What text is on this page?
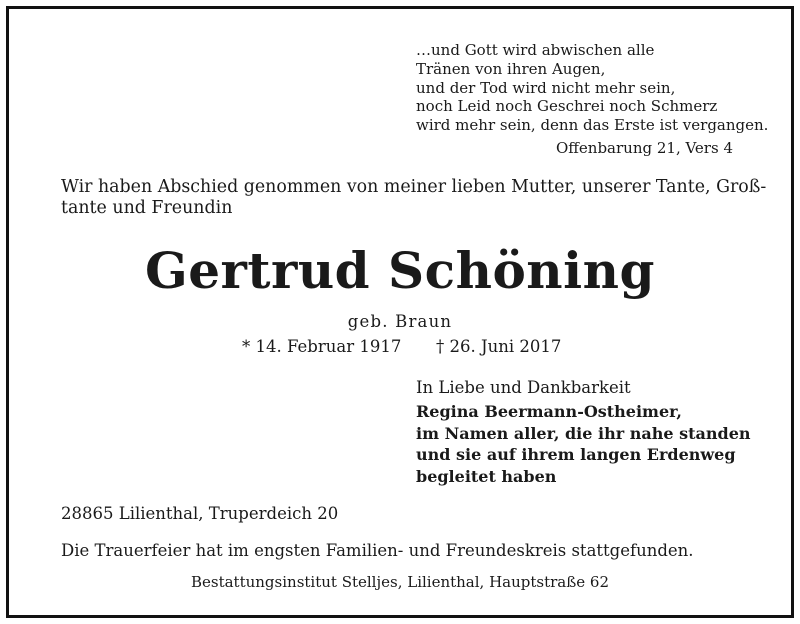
…und Gott wird abwischen alle
Tränen von ihren Augen,
und der Tod wird nicht mehr sein,
noch Leid noch Geschrei noch Schmerz
wird mehr sein, denn das Erste ist vergangen.
Offenbarung 21, Vers 4
Wir haben Abschied genommen von meiner lieben Mutter, unserer Tante, Groß-
tante und Freundin
Gertrud Schöning
geb. Braun
* 14. Februar 1917 † 26. Juni 2017
In Liebe und Dankbarkeit
Regina Beermann-Ostheimer,
im Namen aller, die ihr nahe standen
und sie auf ihrem langen Erdenweg
begleitet haben
28865 Lilienthal, Truperdeich 20
Die Trauerfeier hat im engsten Familien- und Freundeskreis stattgefunden.
Bestattungsinstitut Stelljes, Lilienthal, Hauptstraße 62
